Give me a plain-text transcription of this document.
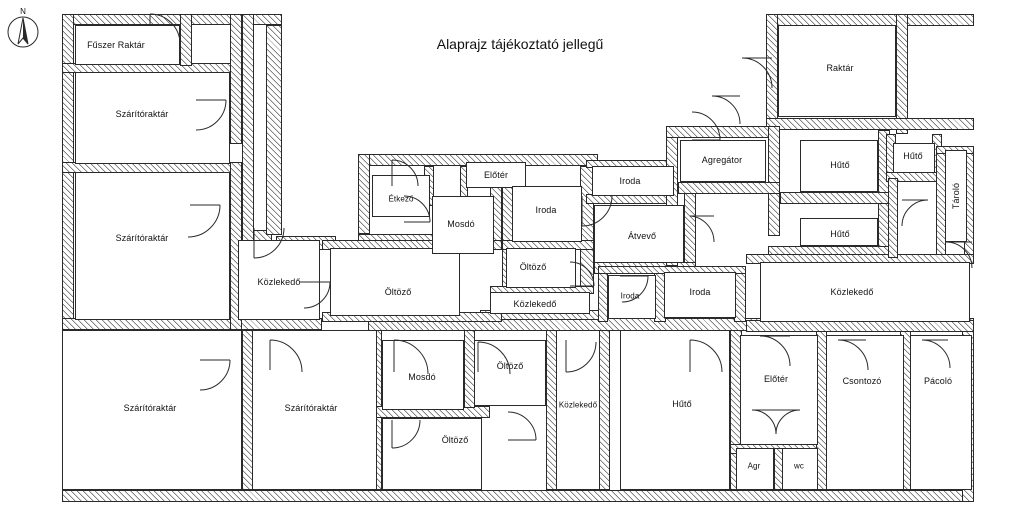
Fűszer Raktár
Szárítóraktár
Szárítóraktár
Közlekedő
Szárítóraktár	Szárítóraktár
Öltöző
Étkező
Mosdó
Előtér
Iroda
Öltöző
Közlekedő
Iroda
Átvevő
Agregátor
Raktár
Hűtő
Hűtő
Hűtő
Tároló
Közlekedő
Iroda	Iroda
Mosdó
Öltöző
Öltöző
Közlekedő	Hűtő
Előtér
Agr	wc
Csontozó	Pácoló
Alaprajz tájékoztató jellegű
N
